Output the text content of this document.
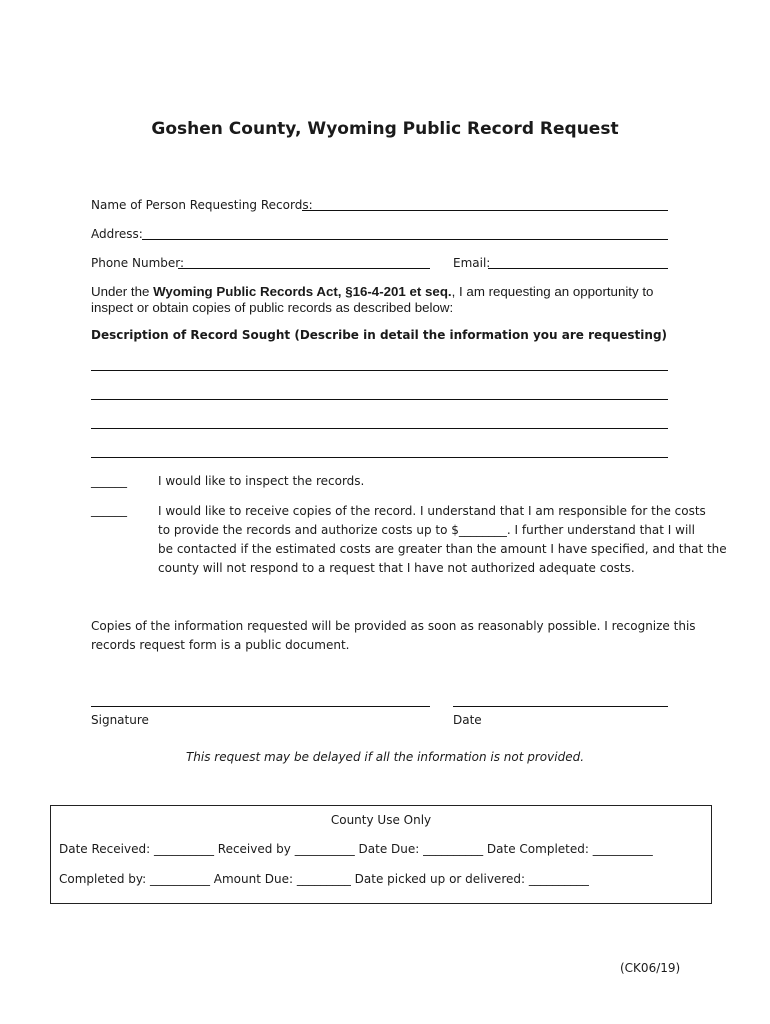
Goshen County, Wyoming Public Record Request
Name of Person Requesting Records:
Address:
Phone Number:	Email:
Under the Wyoming Public Records Act, §16-4-201 et seq., I am requesting an opportunity to
inspect or obtain copies of public records as described below:
Description of Record Sought (Describe in detail the information you are requesting)
______	I would like to inspect the records.
______	I would like to receive copies of the record. I understand that I am responsible for the costs
to provide the records and authorize costs up to $________. I further understand that I will
be contacted if the estimated costs are greater than the amount I have specified, and that the
county will not respond to a request that I have not authorized adequate costs.
Copies of the information requested will be provided as soon as reasonably possible. I recognize this
records request form is a public document.
Signature	Date
This request may be delayed if all the information is not provided.
County Use Only
Date Received: __________ Received by __________ Date Due: __________ Date Completed: __________
Completed by: __________ Amount Due: _________ Date picked up or delivered: __________
(CK06/19)
